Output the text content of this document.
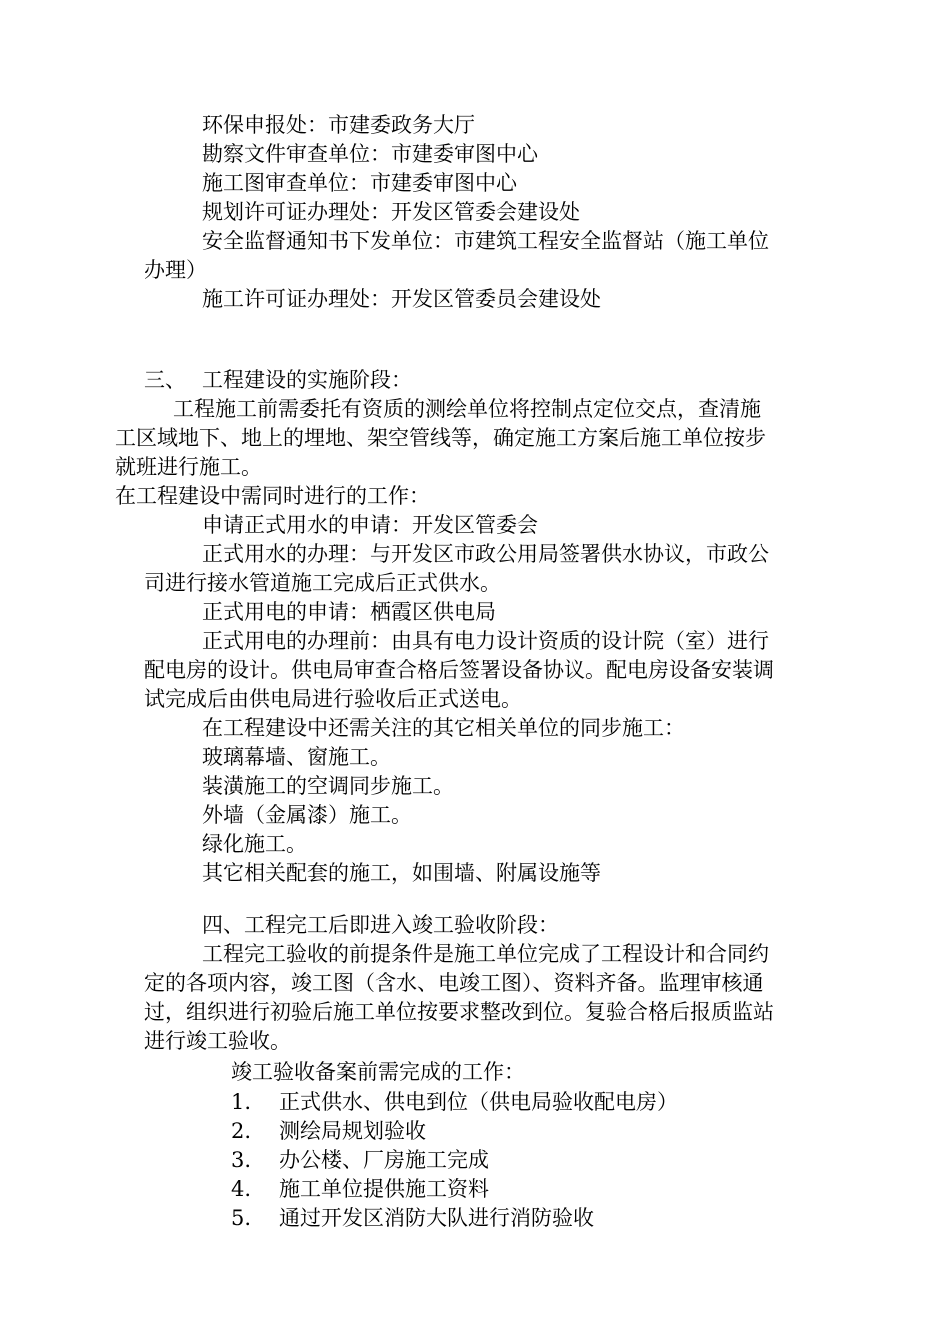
环保申报处：市建委政务大厅
勘察文件审查单位：市建委审图中心
施工图审查单位：市建委审图中心
规划许可证办理处：开发区管委会建设处
安全监督通知书下发单位：市建筑工程安全监督站（施工单位
办理）
施工许可证办理处：开发区管委员会建设处
三、 工程建设的实施阶段：
工程施工前需委托有资质的测绘单位将控制点定位交点，查清施
工区域地下、地上的埋地、架空管线等，确定施工方案后施工单位按步
就班进行施工。
在工程建设中需同时进行的工作：
申请正式用水的申请：开发区管委会
正式用水的办理：与开发区市政公用局签署供水协议，市政公
司进行接水管道施工完成后正式供水。
正式用电的申请：栖霞区供电局
正式用电的办理前：由具有电力设计资质的设计院（室）进行
配电房的设计。供电局审查合格后签署设备协议。配电房设备安装调
试完成后由供电局进行验收后正式送电。
在工程建设中还需关注的其它相关单位的同步施工：
玻璃幕墙、窗施工。
装潢施工的空调同步施工。
外墙（金属漆）施工。
绿化施工。
其它相关配套的施工，如围墙、附属设施等
四、工程完工后即进入竣工验收阶段：
工程完工验收的前提条件是施工单位完成了工程设计和合同约
定的各项内容，竣工图（含水、电竣工图）、资料齐备。监理审核通
过，组织进行初验后施工单位按要求整改到位。复验合格后报质监站
进行竣工验收。
竣工验收备案前需完成的工作：
1. 正式供水、供电到位（供电局验收配电房）
2. 测绘局规划验收
3. 办公楼、厂房施工完成
4. 施工单位提供施工资料
5. 通过开发区消防大队进行消防验收
